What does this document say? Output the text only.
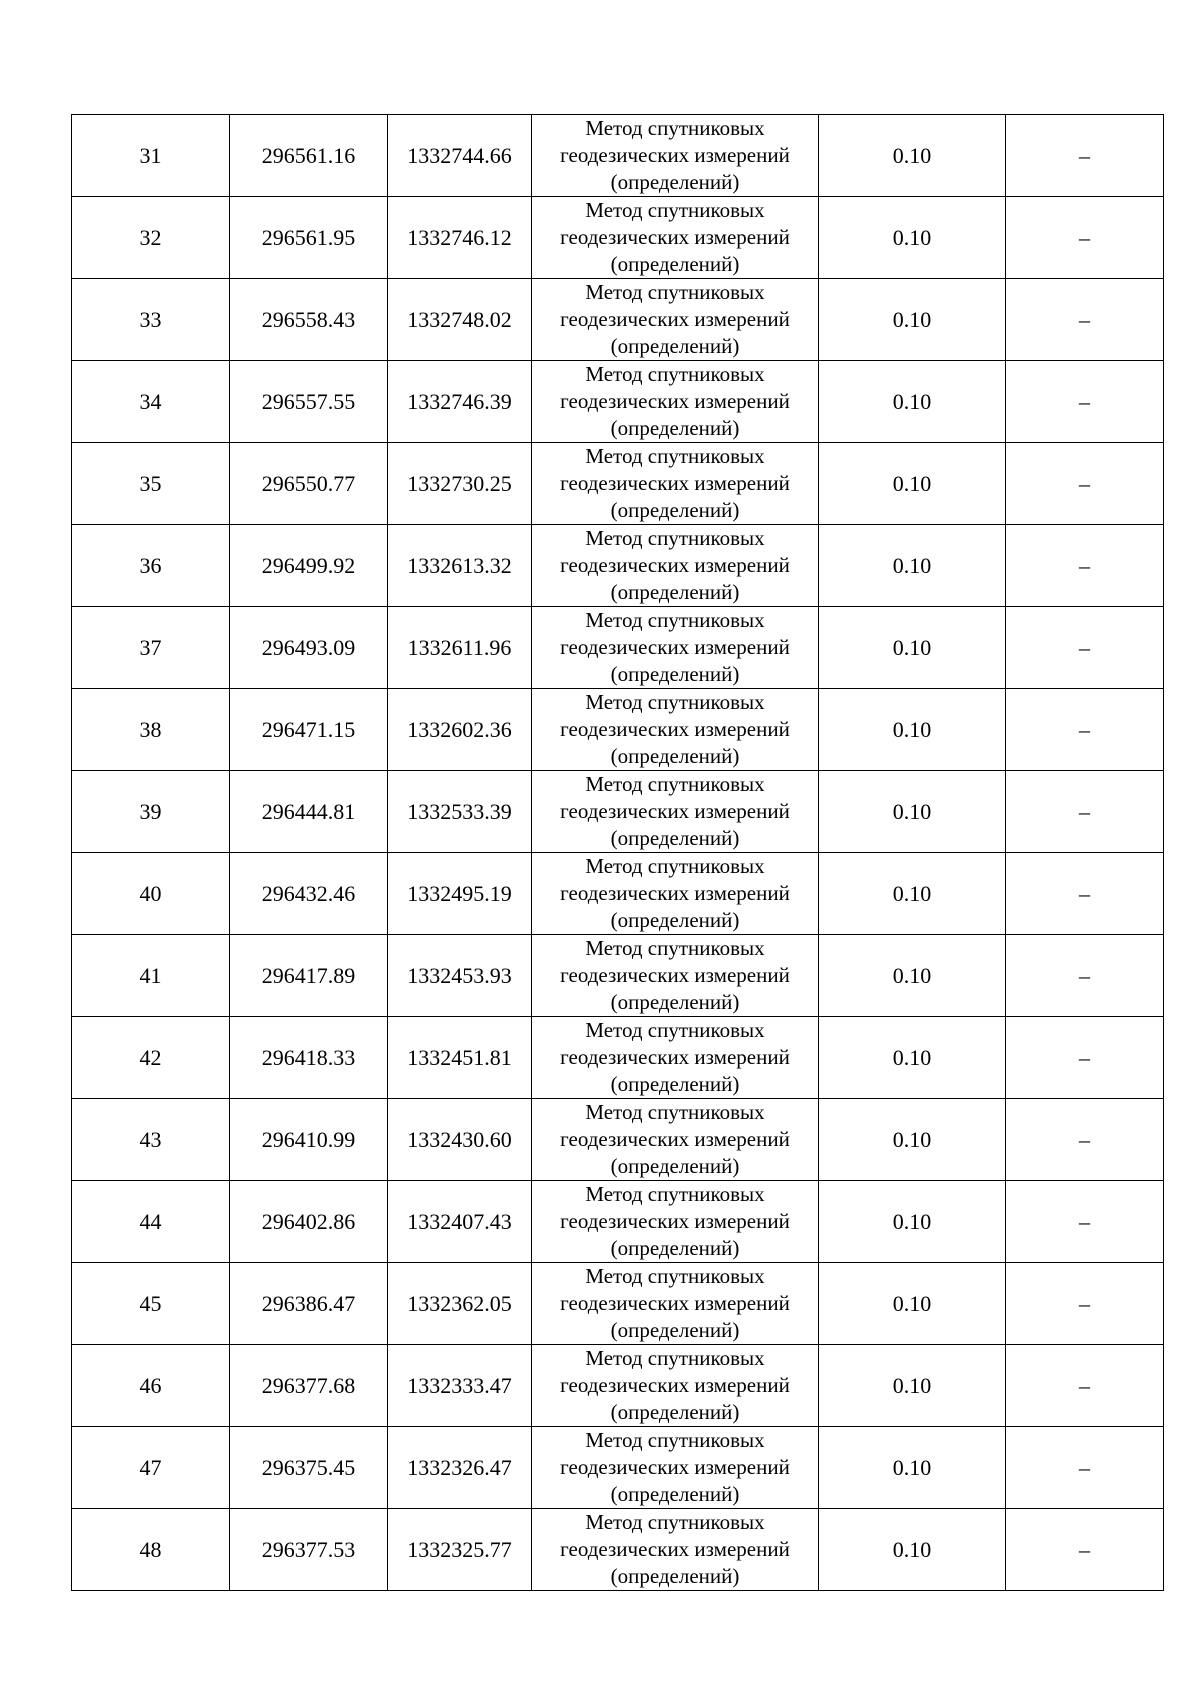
31	296561.16	1332744.66	Метод спутниковых
геодезических измерений
(определений)	0.10	–
32	296561.95	1332746.12	Метод спутниковых
геодезических измерений
(определений)	0.10	–
33	296558.43	1332748.02	Метод спутниковых
геодезических измерений
(определений)	0.10	–
34	296557.55	1332746.39	Метод спутниковых
геодезических измерений
(определений)	0.10	–
35	296550.77	1332730.25	Метод спутниковых
геодезических измерений
(определений)	0.10	–
36	296499.92	1332613.32	Метод спутниковых
геодезических измерений
(определений)	0.10	–
37	296493.09	1332611.96	Метод спутниковых
геодезических измерений
(определений)	0.10	–
38	296471.15	1332602.36	Метод спутниковых
геодезических измерений
(определений)	0.10	–
39	296444.81	1332533.39	Метод спутниковых
геодезических измерений
(определений)	0.10	–
40	296432.46	1332495.19	Метод спутниковых
геодезических измерений
(определений)	0.10	–
41	296417.89	1332453.93	Метод спутниковых
геодезических измерений
(определений)	0.10	–
42	296418.33	1332451.81	Метод спутниковых
геодезических измерений
(определений)	0.10	–
43	296410.99	1332430.60	Метод спутниковых
геодезических измерений
(определений)	0.10	–
44	296402.86	1332407.43	Метод спутниковых
геодезических измерений
(определений)	0.10	–
45	296386.47	1332362.05	Метод спутниковых
геодезических измерений
(определений)	0.10	–
46	296377.68	1332333.47	Метод спутниковых
геодезических измерений
(определений)	0.10	–
47	296375.45	1332326.47	Метод спутниковых
геодезических измерений
(определений)	0.10	–
48	296377.53	1332325.77	Метод спутниковых
геодезических измерений
(определений)	0.10	–
